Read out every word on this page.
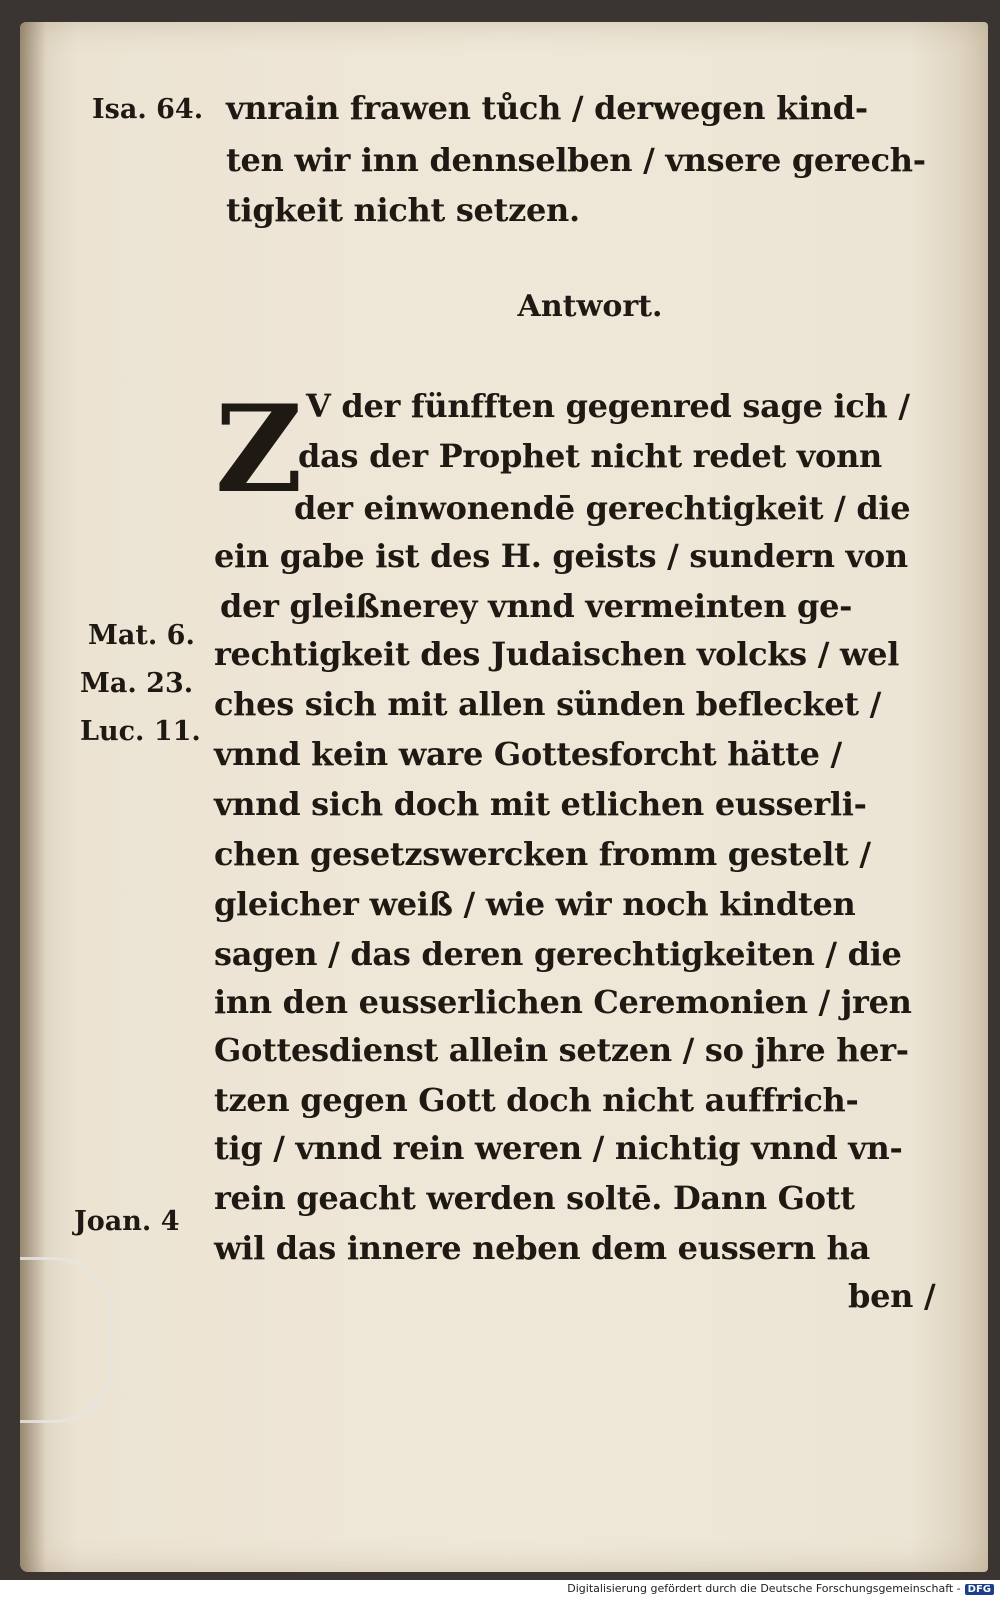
Isa. 64.
Mat. 6.
Ma. 23.
Luc. 11.
Joan. 4
vnrain frawen tůch / derwegen kind-
ten wir inn dennselben / vnsere gerech-
tigkeit nicht setzen.
Antwort.
Z V der fünfften gegenred sage ich /
das der Prophet nicht redet vonn
der einwonendē gerechtigkeit / die
ein gabe ist des H. geists / sundern von
der gleißnerey vnnd vermeinten ge-
rechtigkeit des Judaischen volcks / wel
ches sich mit allen sünden beflecket /
vnnd kein ware Gottesforcht hätte /
vnnd sich doch mit etlichen eusserli-
chen gesetzswercken fromm gestelt /
gleicher weiß / wie wir noch kindten
sagen / das deren gerechtigkeiten / die
inn den eusserlichen Ceremonien / jren
Gottesdienst allein setzen / so jhre her-
tzen gegen Gott doch nicht auffrich-
tig / vnnd rein weren / nichtig vnnd vn-
rein geacht werden soltē. Dann Gott
wil das innere neben dem eussern ha
ben /
Digitalisierung gefördert durch die Deutsche Forschungsgemeinschaft - DFG
